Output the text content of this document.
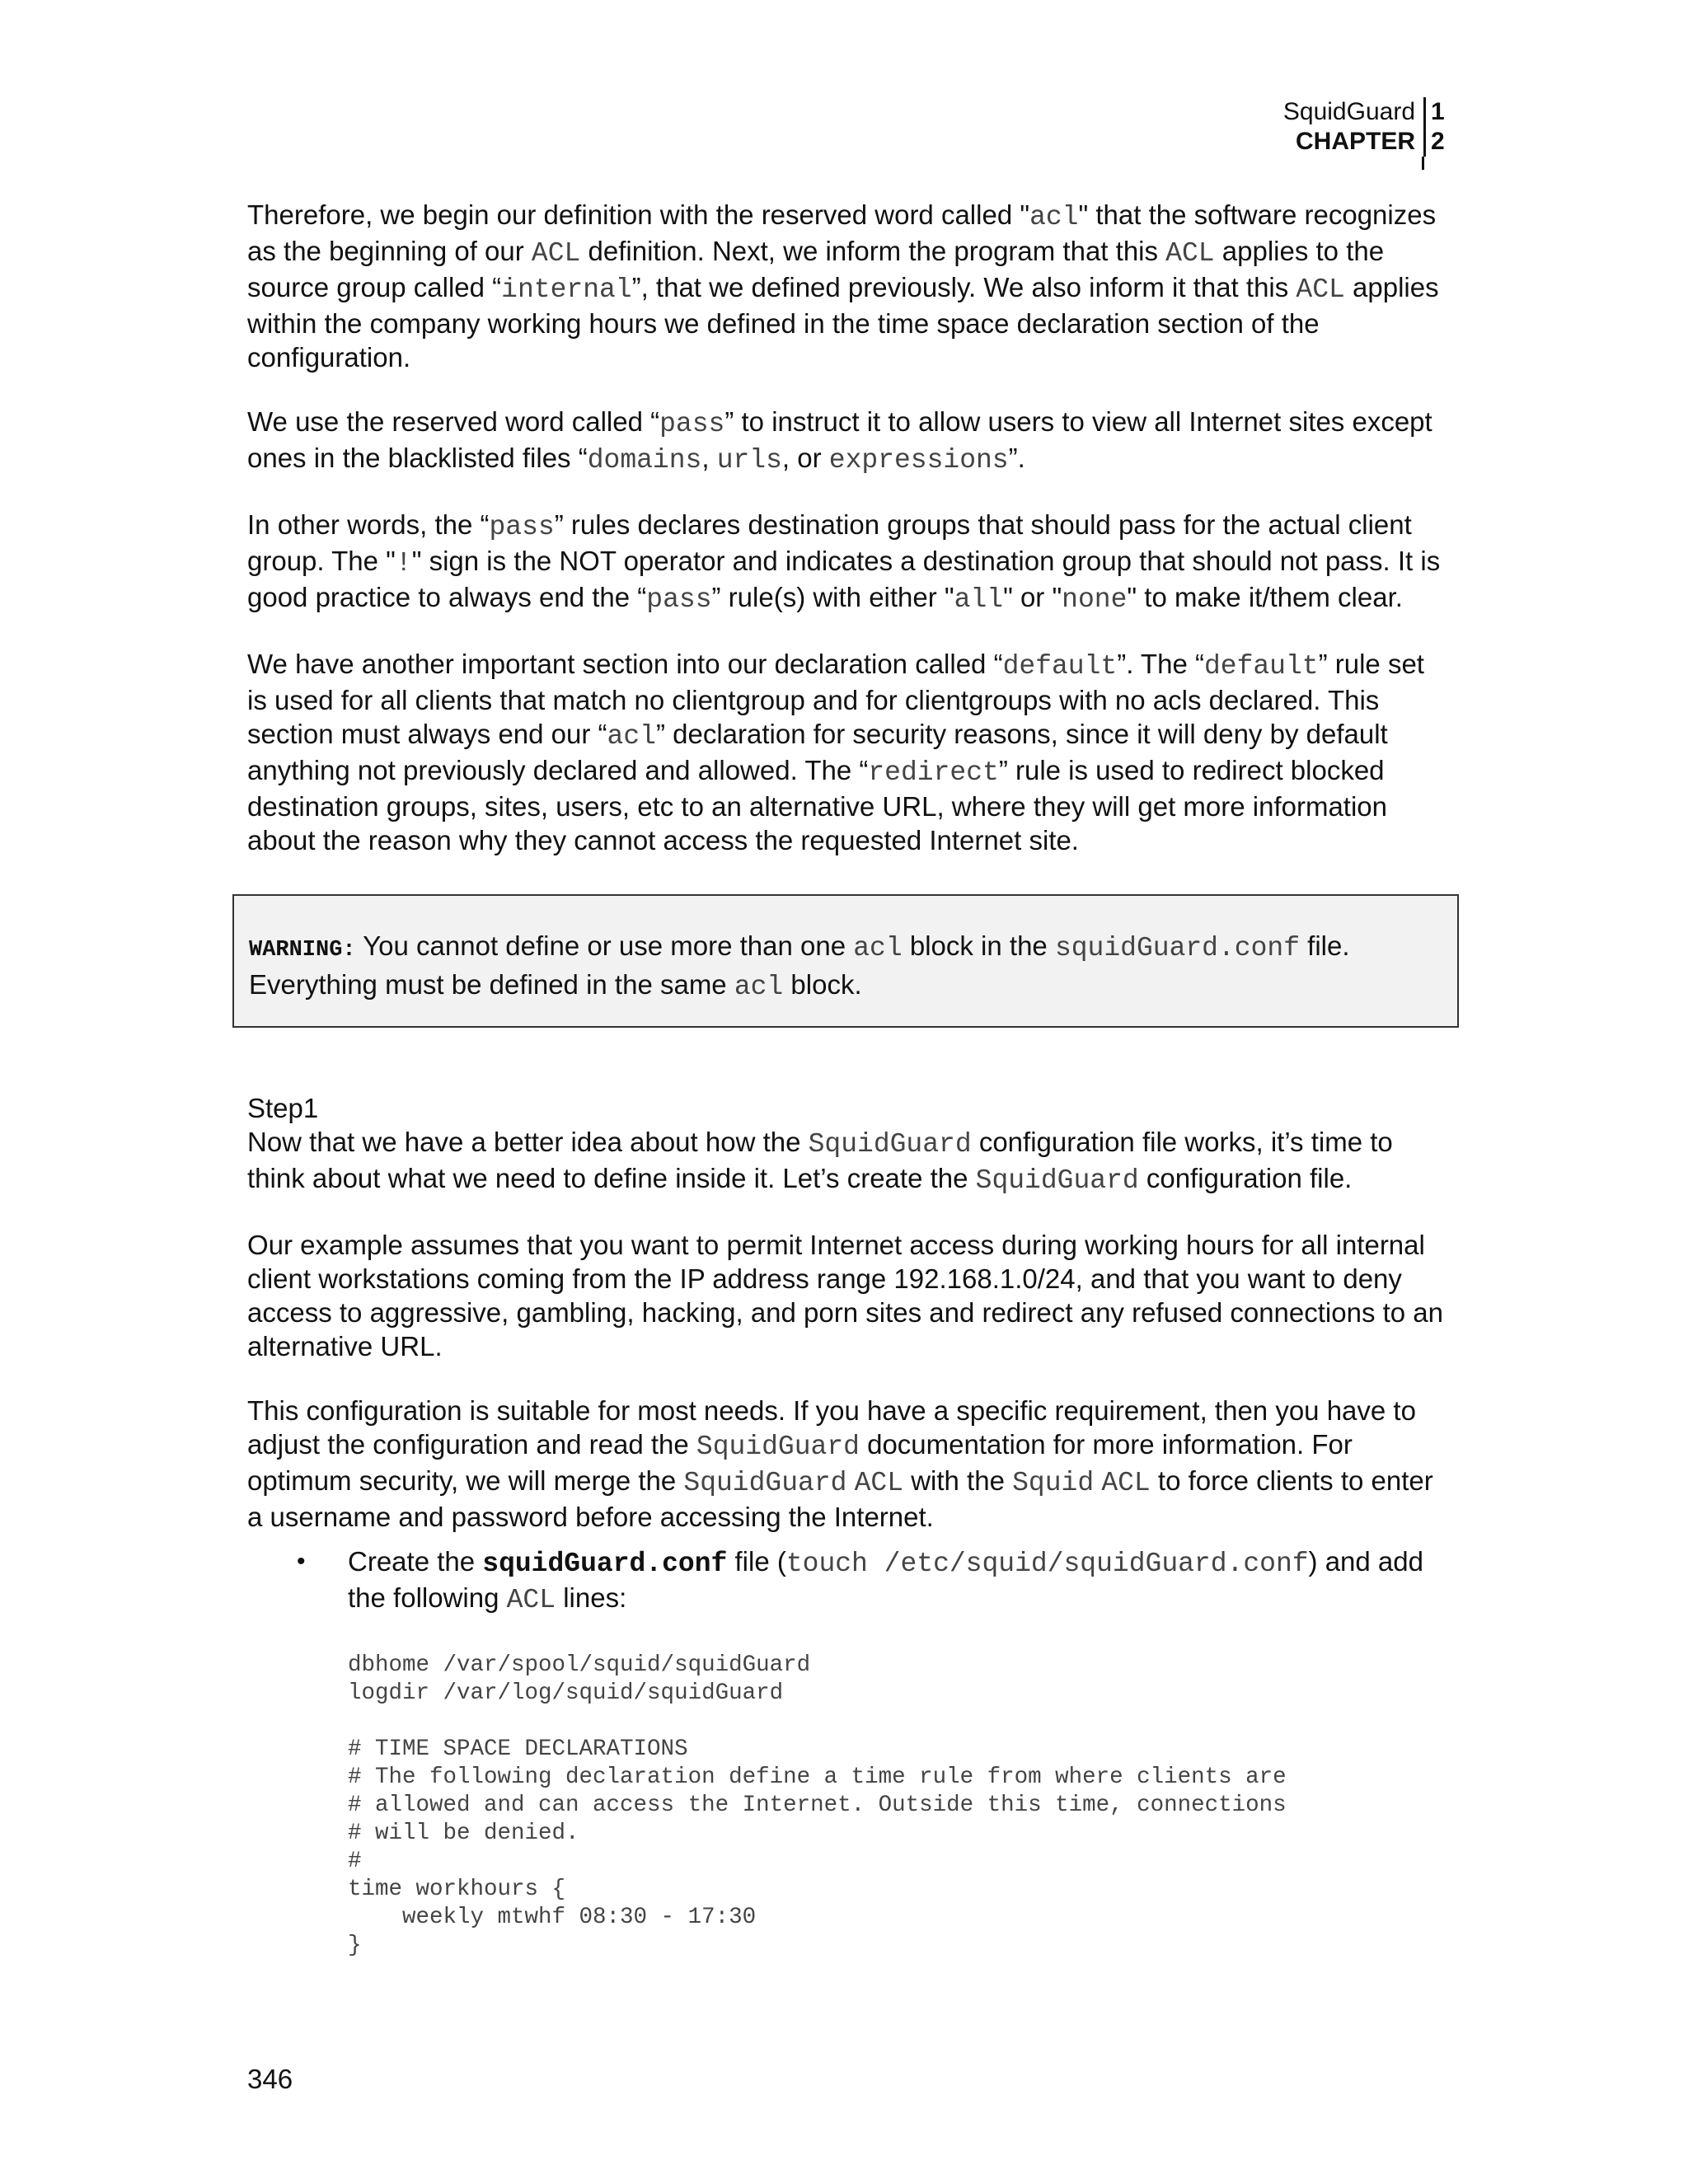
SquidGuard 1
CHAPTER 2

Therefore, we begin our definition with the reserved word called "acl" that the software recognizes as the beginning of our ACL definition. Next, we inform the program that this ACL applies to the source group called “internal”, that we defined previously. We also inform it that this ACL applies within the company working hours we defined in the time space declaration section of the configuration.

We use the reserved word called “pass” to instruct it to allow users to view all Internet sites except ones in the blacklisted files “domains, urls, or expressions”.

In other words, the “pass” rules declares destination groups that should pass for the actual client group. The "!" sign is the NOT operator and indicates a destination group that should not pass. It is good practice to always end the “pass” rule(s) with either "all" or "none" to make it/them clear.

We have another important section into our declaration called “default”. The “default” rule set is used for all clients that match no clientgroup and for clientgroups with no acls declared. This section must always end our “acl” declaration for security reasons, since it will deny by default anything not previously declared and allowed. The “redirect” rule is used to redirect blocked destination groups, sites, users, etc to an alternative URL, where they will get more information about the reason why they cannot access the requested Internet site.

WARNING: You cannot define or use more than one acl block in the squidGuard.conf file. Everything must be defined in the same acl block.
Step1

Now that we have a better idea about how the SquidGuard configuration file works, it’s time to think about what we need to define inside it. Let’s create the SquidGuard configuration file.

Our example assumes that you want to permit Internet access during working hours for all internal client workstations coming from the IP address range 192.168.1.0/24, and that you want to deny access to aggressive, gambling, hacking, and porn sites and redirect any refused connections to an alternative URL.

This configuration is suitable for most needs. If you have a specific requirement, then you have to adjust the configuration and read the SquidGuard documentation for more information. For optimum security, we will merge the SquidGuard ACL with the Squid ACL to force clients to enter a username and password before accessing the Internet.

• Create the squidGuard.conf file (touch /etc/squid/squidGuard.conf) and add the following ACL lines:
dbhome /var/spool/squid/squidGuard
logdir /var/log/squid/squidGuard

# TIME SPACE DECLARATIONS
# The following declaration define a time rule from where clients are
# allowed and can access the Internet. Outside this time, connections
# will be denied.
#
time workhours {
weekly mtwhf 08:30 - 17:30
}
346
